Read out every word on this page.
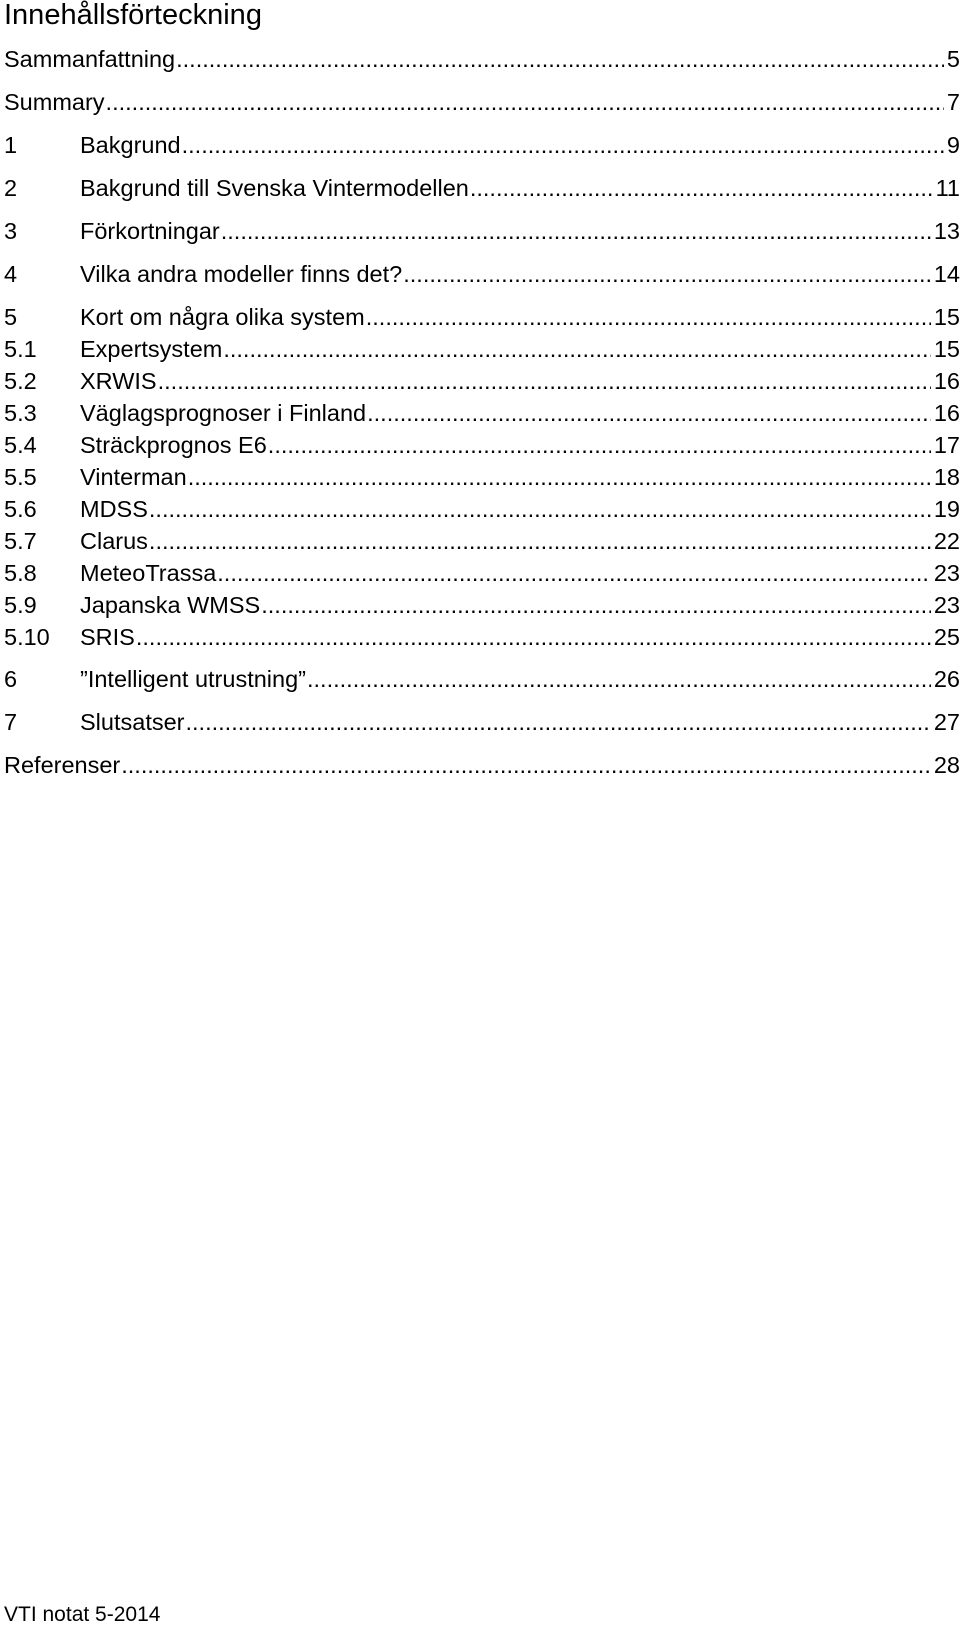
Innehållsförteckning
Sammanfattning .....	5
Summary .....	7
1	Bakgrund .....	9
2	Bakgrund till Svenska Vintermodellen .....	11
3	Förkortningar .....	13
4	Vilka andra modeller finns det? .....	14
5	Kort om några olika system .....	15
5.1	Expertsystem .....	15
5.2	XRWIS .....	16
5.3	Väglagsprognoser i Finland .....	16
5.4	Sträckprognos E6 .....	17
5.5	Vinterman .....	18
5.6	MDSS .....	19
5.7	Clarus .....	22
5.8	MeteoTrassa .....	23
5.9	Japanska WMSS .....	23
5.10	SRIS .....	25
6	”Intelligent utrustning” .....	26
7	Slutsatser .....	27
Referenser .....	28
VTI notat 5-2014
